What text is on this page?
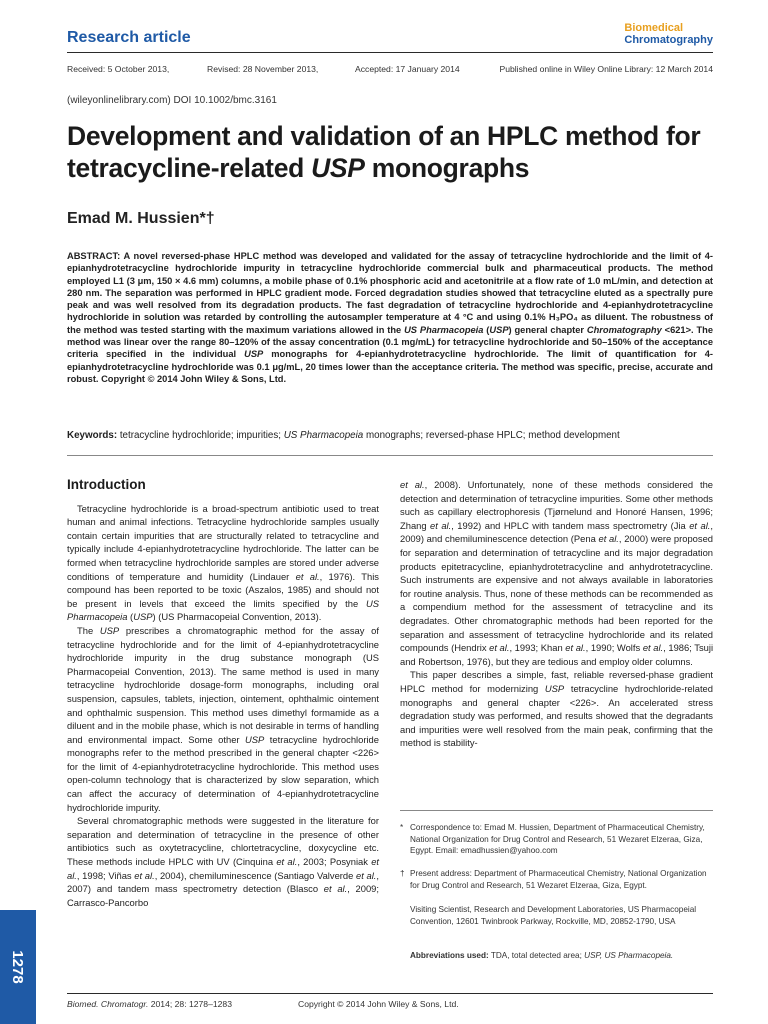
Research article
Biomedical
Chromatography
Received: 5 October 2013,	Revised: 28 November 2013,	Accepted: 17 January 2014	Published online in Wiley Online Library: 12 March 2014
(wileyonlinelibrary.com) DOI 10.1002/bmc.3161
Development and validation of an HPLC method for tetracycline-related USP monographs
Emad M. Hussien*†
ABSTRACT: A novel reversed-phase HPLC method was developed and validated for the assay of tetracycline hydrochloride and the limit of 4-epianhydrotetracycline hydrochloride impurity in tetracycline hydrochloride commercial bulk and pharmaceutical products. The method employed L1 (3 μm, 150 × 4.6 mm) columns, a mobile phase of 0.1% phosphoric acid and acetonitrile at a flow rate of 1.0 mL/min, and detection at 280 nm. The separation was performed in HPLC gradient mode. Forced degradation studies showed that tetracycline eluted as a spectrally pure peak and was well resolved from its degradation products. The fast degradation of tetracycline hydrochloride and 4-epianhydrotetracycline hydrochloride in solution was retarded by controlling the autosampler temperature at 4 °C and using 0.1% H₃PO₄ as diluent. The robustness of the method was tested starting with the maximum variations allowed in the US Pharmacopeia (USP) general chapter Chromatography <621>. The method was linear over the range 80–120% of the assay concentration (0.1 mg/mL) for tetracycline hydrochloride and 50–150% of the acceptance criteria specified in the individual USP monographs for 4-epianhydrotetracycline hydrochloride. The limit of quantification for 4-epianhydrotetracycline hydrochloride was 0.1 μg/mL, 20 times lower than the acceptance criteria. The method was specific, precise, accurate and robust. Copyright © 2014 John Wiley & Sons, Ltd.
Keywords: tetracycline hydrochloride; impurities; US Pharmacopeia monographs; reversed-phase HPLC; method development
Introduction

Tetracycline hydrochloride is a broad-spectrum antibiotic used to treat human and animal infections. Tetracycline hydrochloride samples usually contain certain impurities that are structurally related to tetracycline and typically include 4-epianhydrotetracycline hydrochloride. The latter can be formed when tetracycline hydrochloride samples are stored under adverse conditions of temperature and humidity (Lindauer et al., 1976). This compound has been reported to be toxic (Aszalos, 1985) and should not be present in levels that exceed the limits specified by the US Pharmacopeia (USP) (US Pharmacopeial Convention, 2013).

The USP prescribes a chromatographic method for the assay of tetracycline hydrochloride and for the limit of 4-epianhydrotetracycline hydrochloride impurity in the drug substance monograph (US Pharmacopeial Convention, 2013). The same method is used in many tetracycline hydrochloride dosage-form monographs, including oral suspension, capsules, tablets, injection, ointement, ophthalmic ointement and ophthalmic suspension. This method uses dimethyl formamide as a diluent and in the mobile phase, which is not desirable in terms of handling and environmental impact. Some other USP tetracycline hydrochloride monographs refer to the method prescribed in the general chapter <226> for the limit of 4-epianhydrotetracycline hydrochloride. This method uses open-column technology that is characterized by slow separation, which can affect the accuracy of determination of 4-epianhydrotetracycline hydrochloride impurity.

Several chromatographic methods were suggested in the literature for separation and determination of tetracycline in the presence of other antibiotics such as oxytetracycline, chlortetracycline, doxycycline etc. These methods include HPLC with UV (Cinquina et al., 2003; Posyniak et al., 1998; Viñas et al., 2004), chemiluminescence (Santiago Valverde et al., 2007) and tandem mass spectrometry detection (Blasco et al., 2009; Carrasco-Pancorbo

et al., 2008). Unfortunately, none of these methods considered the detection and determination of tetracycline impurities. Some other methods such as capillary electrophoresis (Tjørnelund and Honoré Hansen, 1996; Zhang et al., 1992) and HPLC with tandem mass spectrometry (Jia et al., 2009) and chemiluminescence detection (Pena et al., 2000) were proposed for separation and determination of tetracycline and its major degradation products epitetracycline, epianhydrotetracycline and anhydrotetracycline. Such instruments are expensive and not always available in laboratories for routine analysis. Thus, none of these methods can be recommended as a compendium method for the assessment of tetracycline and its degradates. Other chromatographic methods had been reported for the separation and assessment of tetracycline hydrochloride and its related compounds (Hendrix et al., 1993; Khan et al., 1990; Wolfs et al., 1986; Tsuji and Robertson, 1976), but they are tedious and employ older columns.

This paper describes a simple, fast, reliable reversed-phase gradient HPLC method for modernizing USP tetracycline hydrochloride-related monographs and general chapter <226>. An accelerated stress degradation study was performed, and results showed that the degradants and impurities were well resolved from the main peak, confirming that the method is stability-

* Correspondence to: Emad M. Hussien, Department of Pharmaceutical Chemistry, National Organization for Drug Control and Research, 51 Wezaret Elzeraa, Giza, Egypt. Email: emadhussien@yahoo.com
† Present address: Department of Pharmaceutical Chemistry, National Organization for Drug Control and Research, 51 Wezaret Elzeraa, Giza, Egypt.
Visiting Scientist, Research and Development Laboratories, US Pharmacopeial Convention, 12601 Twinbrook Parkway, Rockville, MD, 20852-1790, USA
Abbreviations used: TDA, total detected area; USP, US Pharmacopeia.
Biomed. Chromatogr. 2014; 28: 1278–1283	Copyright © 2014 John Wiley & Sons, Ltd.
1278
